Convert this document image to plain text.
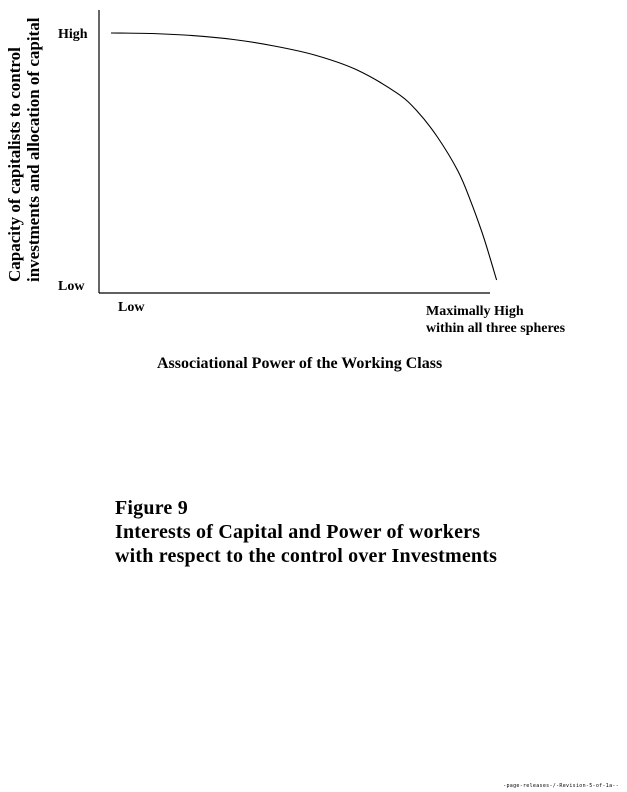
High
Low
Low	Maximally High
within all three spheres
Capacity of capitalists to control investments and allocation of capital
Associational Power of the Working Class
Figure 9
Interests of Capital and Power of workers
with respect to the control over Investments
-page-releases-/-Revision-5-of-1a--
